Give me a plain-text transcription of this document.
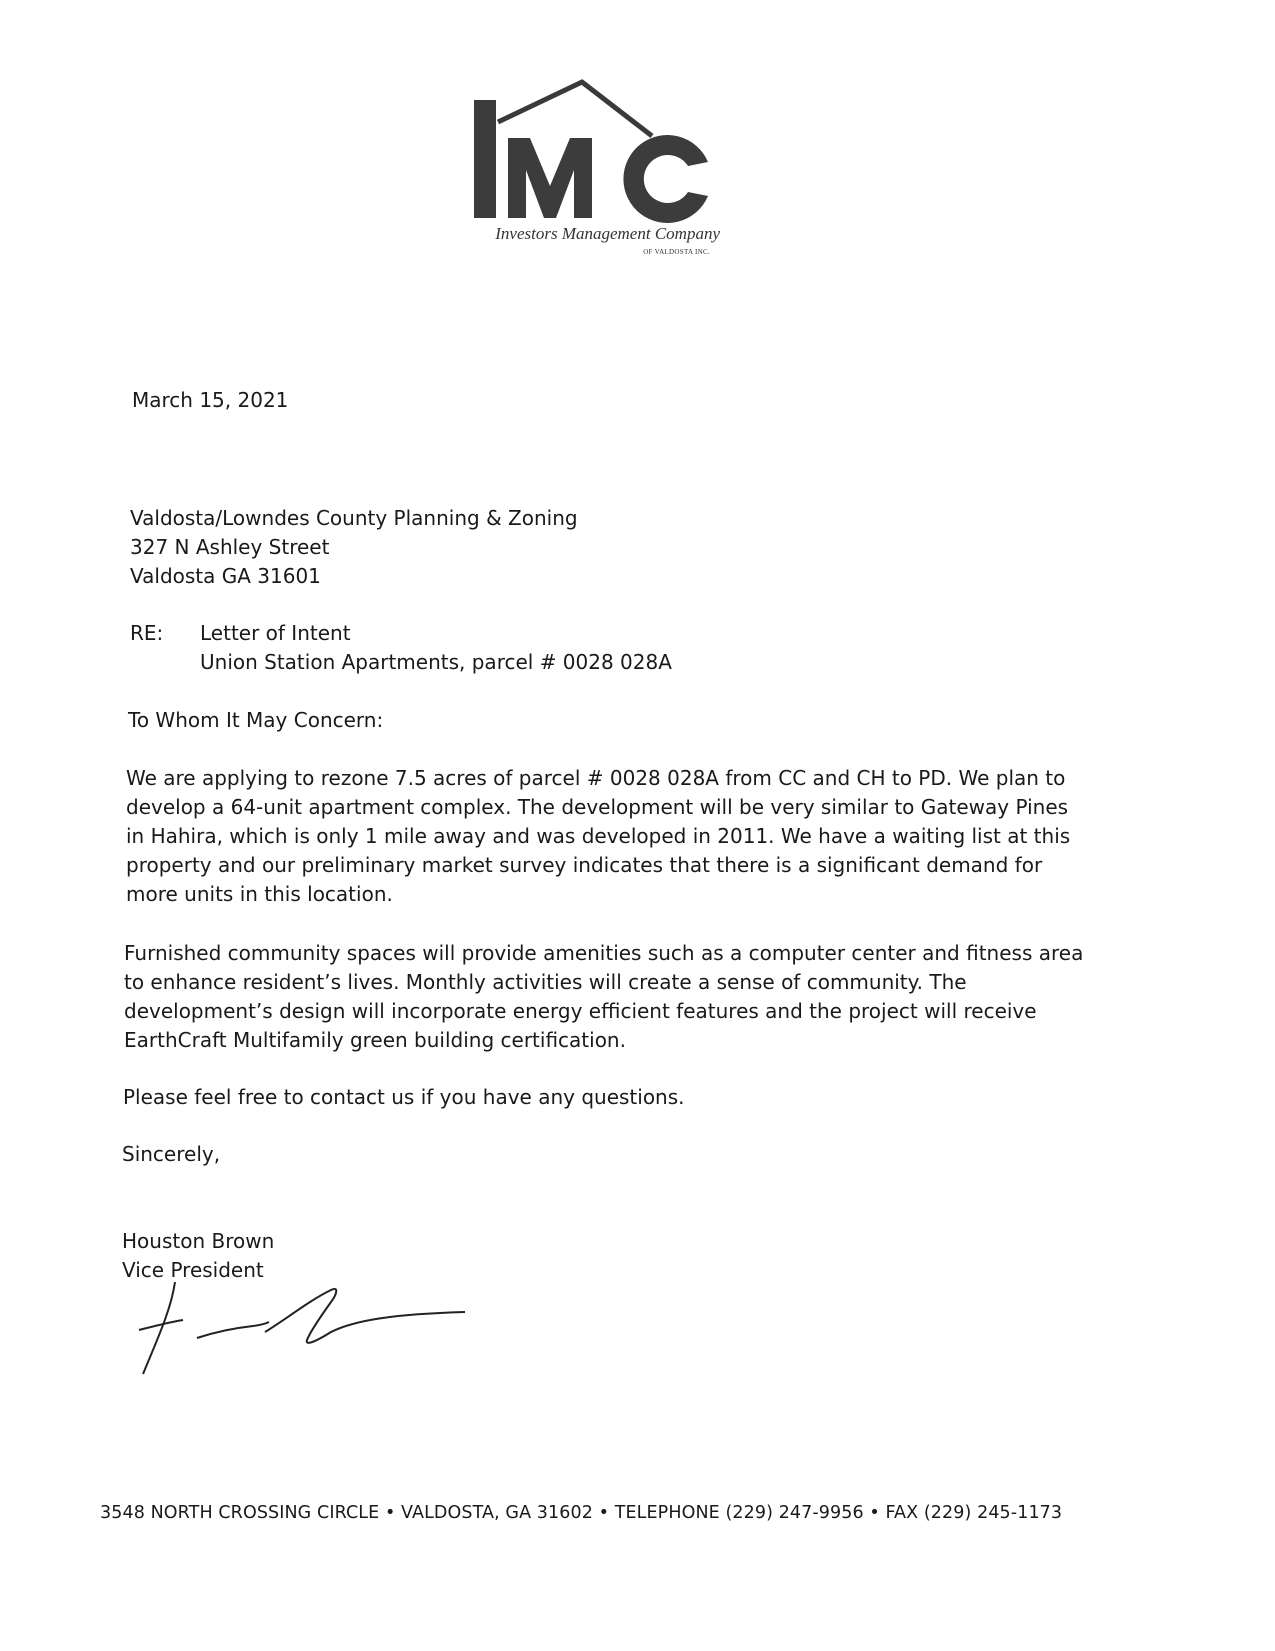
Investors Management Company
OF VALDOSTA INC.
March 15, 2021
Valdosta/Lowndes County Planning & Zoning
327 N Ashley Street
Valdosta GA 31601
RE: Letter of Intent
Union Station Apartments, parcel # 0028 028A
To Whom It May Concern:
We are applying to rezone 7.5 acres of parcel # 0028 028A from CC and CH to PD. We plan to
develop a 64-unit apartment complex. The development will be very similar to Gateway Pines
in Hahira, which is only 1 mile away and was developed in 2011. We have a waiting list at this
property and our preliminary market survey indicates that there is a significant demand for
more units in this location.
Furnished community spaces will provide amenities such as a computer center and fitness area
to enhance resident’s lives. Monthly activities will create a sense of community. The
development’s design will incorporate energy efficient features and the project will receive
EarthCraft Multifamily green building certification.
Please feel free to contact us if you have any questions.
Sincerely,
Houston Brown
Vice President
3548 NORTH CROSSING CIRCLE • VALDOSTA, GA 31602 • TELEPHONE (229) 247-9956 • FAX (229) 245-1173
